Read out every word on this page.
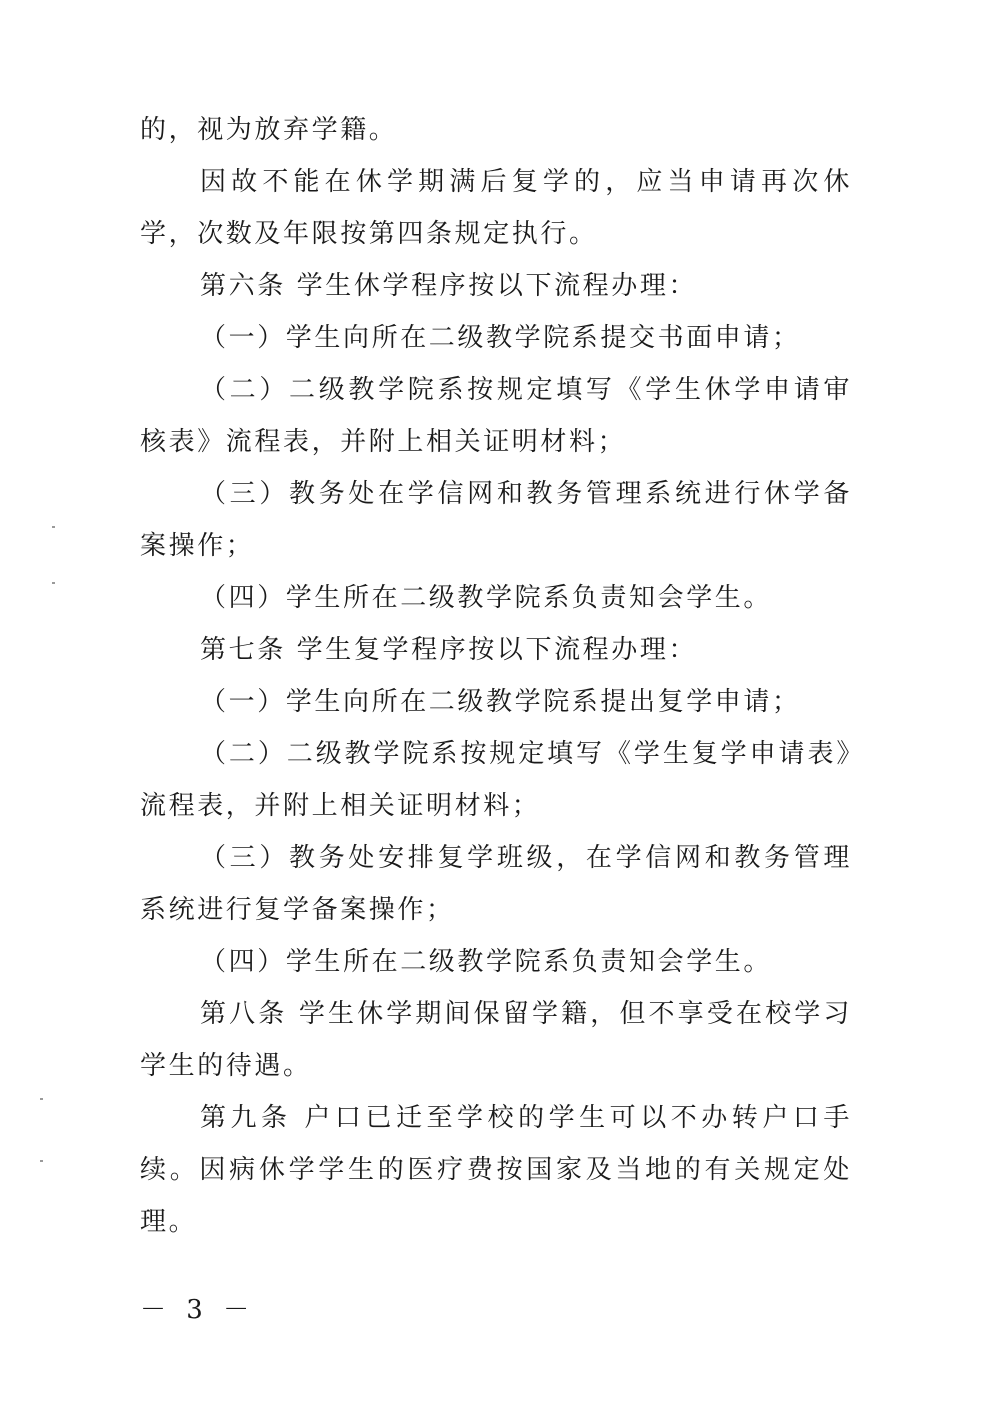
的，视为放弃学籍。

因故不能在休学期满后复学的，应当申请再次休学，次数及年限按第四条规定执行。

第六条 学生休学程序按以下流程办理：

（一）学生向所在二级教学院系提交书面申请；

（二）二级教学院系按规定填写《学生休学申请审核表》流程表，并附上相关证明材料；

（三）教务处在学信网和教务管理系统进行休学备案操作；

（四）学生所在二级教学院系负责知会学生。

第七条 学生复学程序按以下流程办理：

（一）学生向所在二级教学院系提出复学申请；

（二）二级教学院系按规定填写《学生复学申请表》流程表，并附上相关证明材料；

（三）教务处安排复学班级，在学信网和教务管理系统进行复学备案操作；

（四）学生所在二级教学院系负责知会学生。

第八条 学生休学期间保留学籍，但不享受在校学习学生的待遇。

第九条 户口已迁至学校的学生可以不办转户口手续。因病休学学生的医疗费按国家及当地的有关规定处理。

－ 3 －
